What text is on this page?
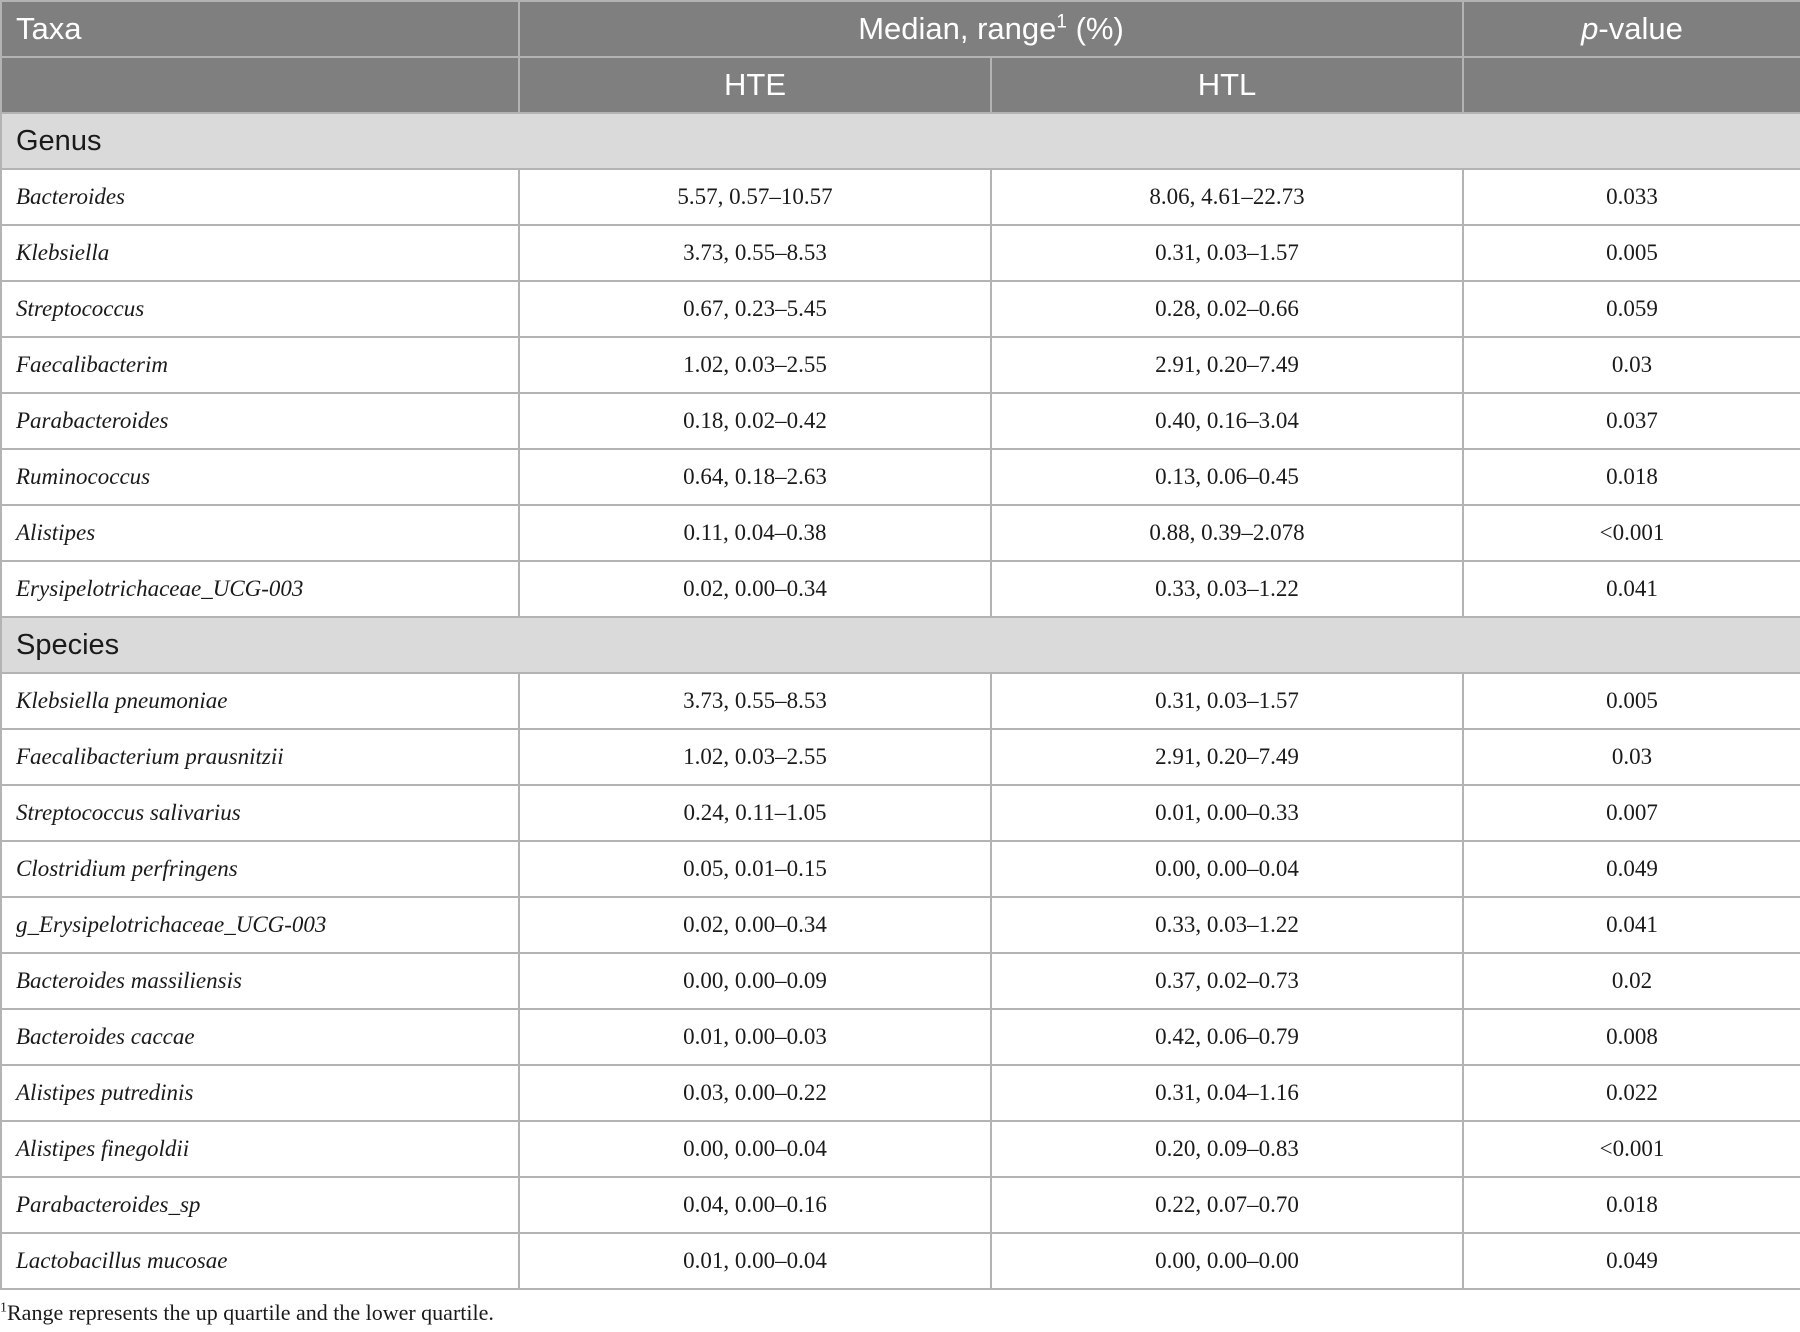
Taxa	Median, range$^1$ (%)		p-value
	HTE	HTL	
Genus			
Bacteroides	5.57, 0.57–10.57	8.06, 4.61–22.73	0.033
Klebsiella	3.73, 0.55–8.53	0.31, 0.03–1.57	0.005
Streptococcus	0.67, 0.23–5.45	0.28, 0.02–0.66	0.059
Faecalibacterim	1.02, 0.03–2.55	2.91, 0.20–7.49	0.03
Parabacteroides	0.18, 0.02–0.42	0.40, 0.16–3.04	0.037
Ruminococcus	0.64, 0.18–2.63	0.13, 0.06–0.45	0.018
Alistipes	0.11, 0.04–0.38	0.88, 0.39–2.078	<0.001
Erysipelotrichaceae_UCG-003	0.02, 0.00–0.34	0.33, 0.03–1.22	0.041
Species			
Klebsiella pneumoniae	3.73, 0.55–8.53	0.31, 0.03–1.57	0.005
Faecalibacterium prausnitzii	1.02, 0.03–2.55	2.91, 0.20–7.49	0.03
Streptococcus salivarius	0.24, 0.11–1.05	0.01, 0.00–0.33	0.007
Clostridium perfringens	0.05, 0.01–0.15	0.00, 0.00–0.04	0.049
g_Erysipelotrichaceae_UCG-003	0.02, 0.00–0.34	0.33, 0.03–1.22	0.041
Bacteroides massiliensis	0.00, 0.00–0.09	0.37, 0.02–0.73	0.02
Bacteroides caccae	0.01, 0.00–0.03	0.42, 0.06–0.79	0.008
Alistipes putredinis	0.03, 0.00–0.22	0.31, 0.04–1.16	0.022
Alistipes finegoldii	0.00, 0.00–0.04	0.20, 0.09–0.83	<0.001
Parabacteroides_sp	0.04, 0.00–0.16	0.22, 0.07–0.70	0.018
Lactobacillus mucosae	0.01, 0.00–0.04	0.00, 0.00–0.00	0.049
$^1$Range represents the up quartile and the lower quartile.
